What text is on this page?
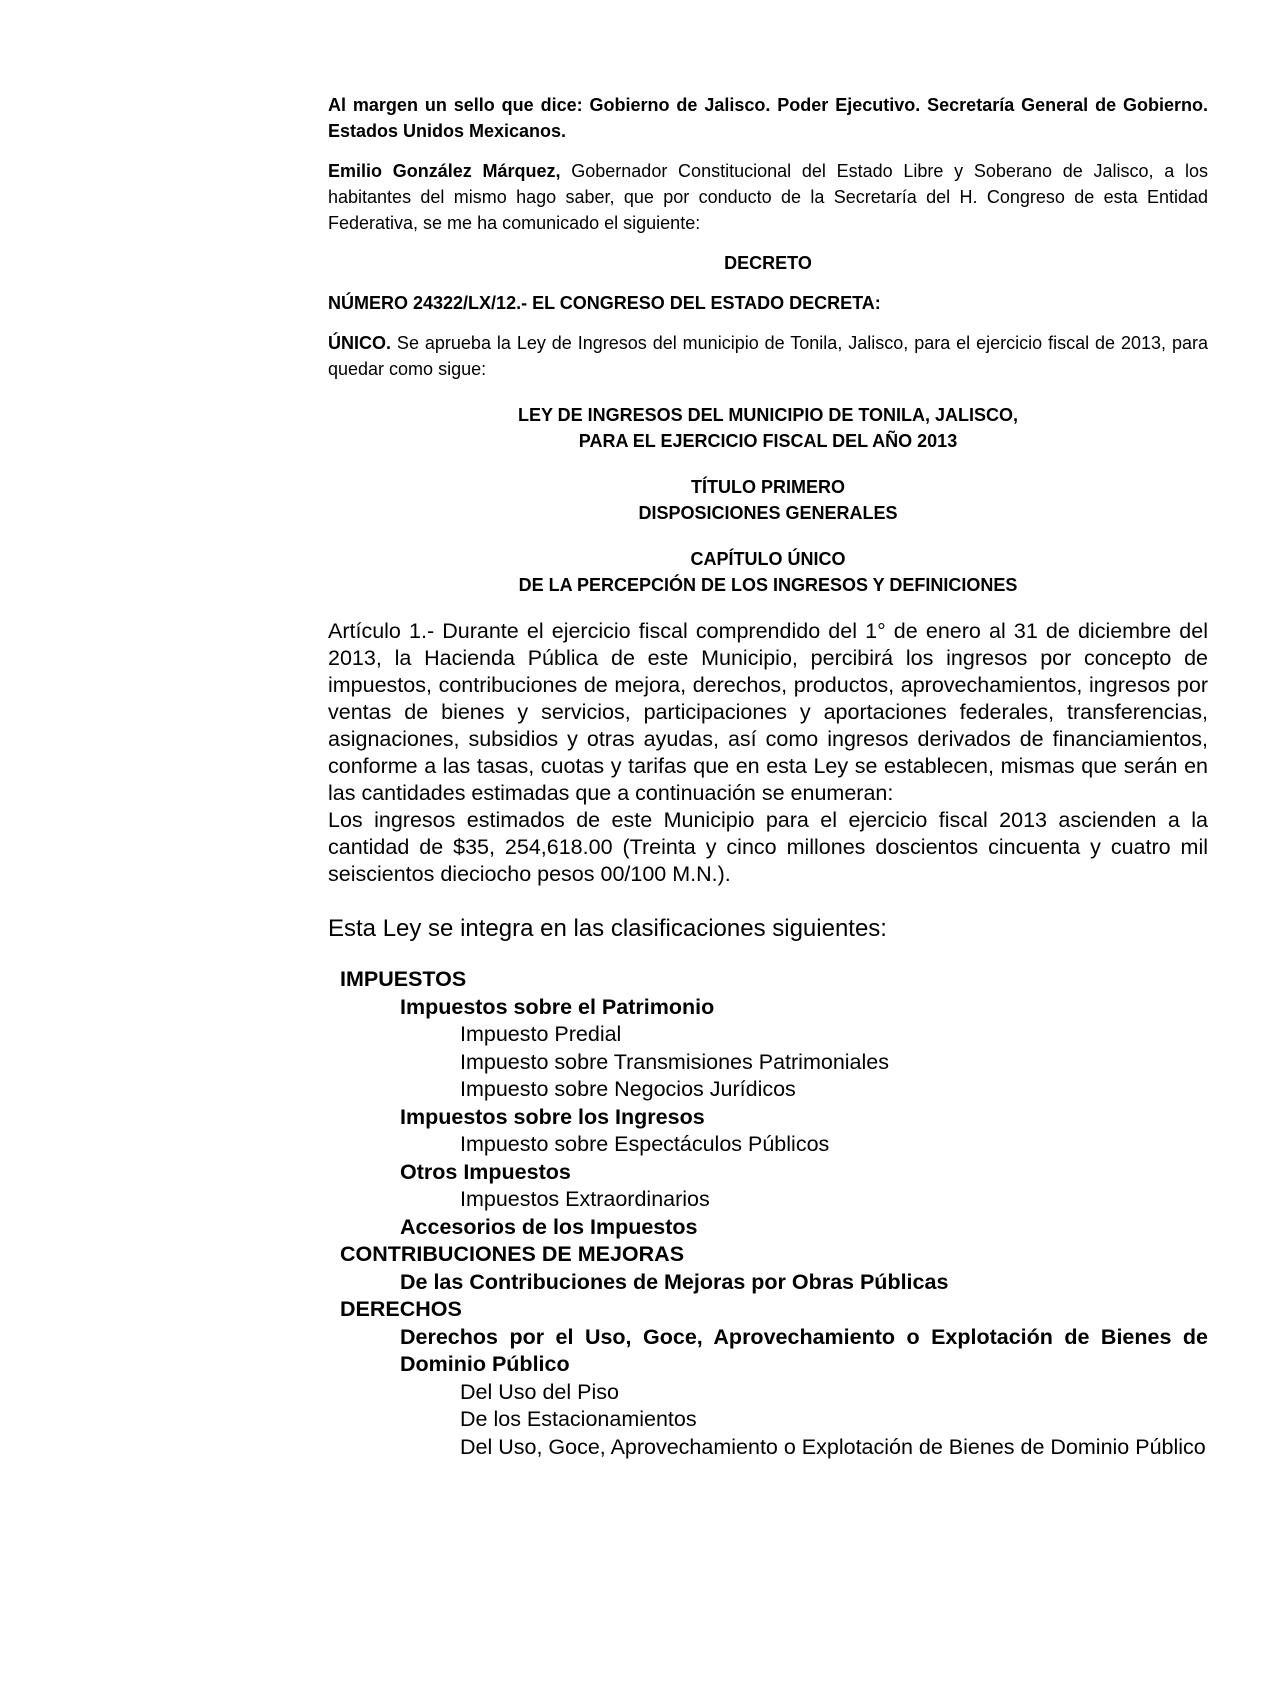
Al margen un sello que dice: Gobierno de Jalisco. Poder Ejecutivo. Secretaría General de Gobierno. Estados Unidos Mexicanos.

Emilio González Márquez, Gobernador Constitucional del Estado Libre y Soberano de Jalisco, a los habitantes del mismo hago saber, que por conducto de la Secretaría del H. Congreso de esta Entidad Federativa, se me ha comunicado el siguiente:

DECRETO

NÚMERO 24322/LX/12.- EL CONGRESO DEL ESTADO DECRETA:

ÚNICO. Se aprueba la Ley de Ingresos del municipio de Tonila, Jalisco, para el ejercicio fiscal de 2013, para quedar como sigue:

LEY DE INGRESOS DEL MUNICIPIO DE TONILA, JALISCO,
PARA EL EJERCICIO FISCAL DEL AÑO 2013
TÍTULO PRIMERO
DISPOSICIONES GENERALES
CAPÍTULO ÚNICO
DE LA PERCEPCIÓN DE LOS INGRESOS Y DEFINICIONES

Artículo 1.- Durante el ejercicio fiscal comprendido del 1° de enero al 31 de diciembre del 2013, la Hacienda Pública de este Municipio, percibirá los ingresos por concepto de impuestos, contribuciones de mejora, derechos, productos, aprovechamientos, ingresos por ventas de bienes y servicios, participaciones y aportaciones federales, transferencias, asignaciones, subsidios y otras ayudas, así como ingresos derivados de financiamientos, conforme a las tasas, cuotas y tarifas que en esta Ley se establecen, mismas que serán en las cantidades estimadas que a continuación se enumeran:

Los ingresos estimados de este Municipio para el ejercicio fiscal 2013 ascienden a la cantidad de $35, 254,618.00 (Treinta y cinco millones doscientos cincuenta y cuatro mil seiscientos dieciocho pesos 00/100 M.N.).

Esta Ley se integra en las clasificaciones siguientes:

IMPUESTOS
Impuestos sobre el Patrimonio
Impuesto Predial
Impuesto sobre Transmisiones Patrimoniales
Impuesto sobre Negocios Jurídicos
Impuestos sobre los Ingresos
Impuesto sobre Espectáculos Públicos
Otros Impuestos
Impuestos Extraordinarios
Accesorios de los Impuestos
CONTRIBUCIONES DE MEJORAS
De las Contribuciones de Mejoras por Obras Públicas
DERECHOS
Derechos por el Uso, Goce, Aprovechamiento o Explotación de Bienes de Dominio Público
Del Uso del Piso
De los Estacionamientos
Del Uso, Goce, Aprovechamiento o Explotación de Bienes de Dominio Público
